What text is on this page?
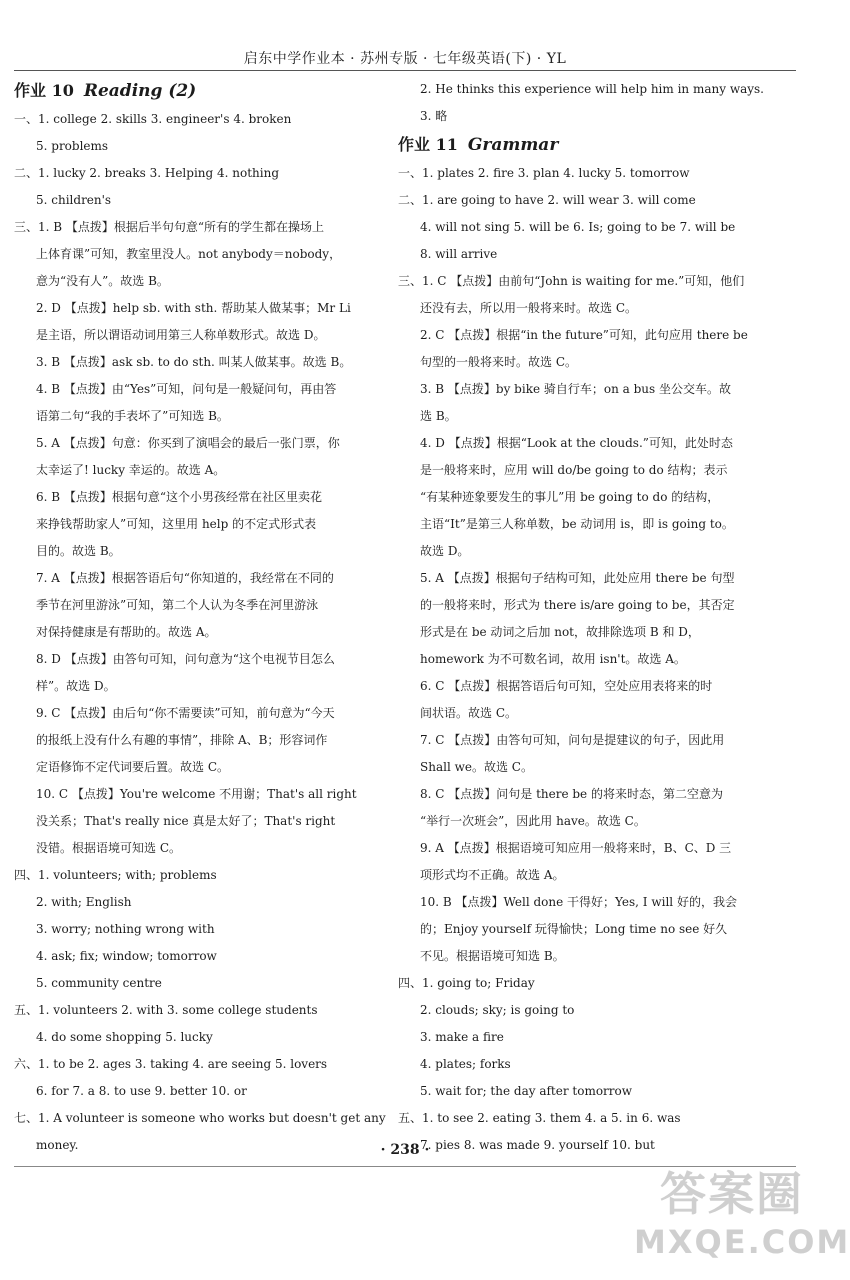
启东中学作业本 · 苏州专版 · 七年级英语(下) · YL
作业 10 Reading (2)
一、1. college 2. skills 3. engineer's 4. broken
5. problems
二、1. lucky 2. breaks 3. Helping 4. nothing
5. children's
三、1. B 【点拨】根据后半句句意“所有的学生都在操场上
上体育课”可知，教室里没人。not anybody＝nobody，
意为“没有人”。故选 B。
2. D 【点拨】help sb. with sth. 帮助某人做某事；Mr Li
是主语，所以谓语动词用第三人称单数形式。故选 D。
3. B 【点拨】ask sb. to do sth. 叫某人做某事。故选 B。
4. B 【点拨】由“Yes”可知，问句是一般疑问句，再由答
语第二句“我的手表坏了”可知选 B。
5. A 【点拨】句意：你买到了演唱会的最后一张门票，你
太幸运了! lucky 幸运的。故选 A。
6. B 【点拨】根据句意“这个小男孩经常在社区里卖花
来挣钱帮助家人”可知，这里用 help 的不定式形式表
目的。故选 B。
7. A 【点拨】根据答语后句“你知道的，我经常在不同的
季节在河里游泳”可知，第二个人认为冬季在河里游泳
对保持健康是有帮助的。故选 A。
8. D 【点拨】由答句可知，问句意为“这个电视节目怎么
样”。故选 D。
9. C 【点拨】由后句“你不需要读”可知，前句意为“今天
的报纸上没有什么有趣的事情”，排除 A、B；形容词作
定语修饰不定代词要后置。故选 C。
10. C 【点拨】You're welcome 不用谢；That's all right
没关系；That's really nice 真是太好了；That's right
没错。根据语境可知选 C。
四、1. volunteers; with; problems
2. with; English
3. worry; nothing wrong with
4. ask; fix; window; tomorrow
5. community centre
五、1. volunteers 2. with 3. some college students
4. do some shopping 5. lucky
六、1. to be 2. ages 3. taking 4. are seeing 5. lovers
6. for 7. a 8. to use 9. better 10. or
七、1. A volunteer is someone who works but doesn't get any
money.
2. He thinks this experience will help him in many ways.
3. 略
作业 11 Grammar
一、1. plates 2. fire 3. plan 4. lucky 5. tomorrow
二、1. are going to have 2. will wear 3. will come
4. will not sing 5. will be 6. Is; going to be 7. will be
8. will arrive
三、1. C 【点拨】由前句“John is waiting for me.”可知，他们
还没有去，所以用一般将来时。故选 C。
2. C 【点拨】根据“in the future”可知，此句应用 there be
句型的一般将来时。故选 C。
3. B 【点拨】by bike 骑自行车；on a bus 坐公交车。故
选 B。
4. D 【点拨】根据“Look at the clouds.”可知，此处时态
是一般将来时，应用 will do/be going to do 结构；表示
“有某种迹象要发生的事儿”用 be going to do 的结构，
主语“It”是第三人称单数，be 动词用 is，即 is going to。
故选 D。
5. A 【点拨】根据句子结构可知，此处应用 there be 句型
的一般将来时，形式为 there is/are going to be，其否定
形式是在 be 动词之后加 not，故排除选项 B 和 D，
homework 为不可数名词，故用 isn't。故选 A。
6. C 【点拨】根据答语后句可知，空处应用表将来的时
间状语。故选 C。
7. C 【点拨】由答句可知，问句是提建议的句子，因此用
Shall we。故选 C。
8. C 【点拨】问句是 there be 的将来时态，第二空意为
“举行一次班会”，因此用 have。故选 C。
9. A 【点拨】根据语境可知应用一般将来时，B、C、D 三
项形式均不正确。故选 A。
10. B 【点拨】Well done 干得好；Yes, I will 好的，我会
的；Enjoy yourself 玩得愉快；Long time no see 好久
不见。根据语境可知选 B。
四、1. going to; Friday
2. clouds; sky; is going to
3. make a fire
4. plates; forks
5. wait for; the day after tomorrow
五、1. to see 2. eating 3. them 4. a 5. in 6. was
7. pies 8. was made 9. yourself 10. but
· 238 ·
答案圈
MXQE.COM
